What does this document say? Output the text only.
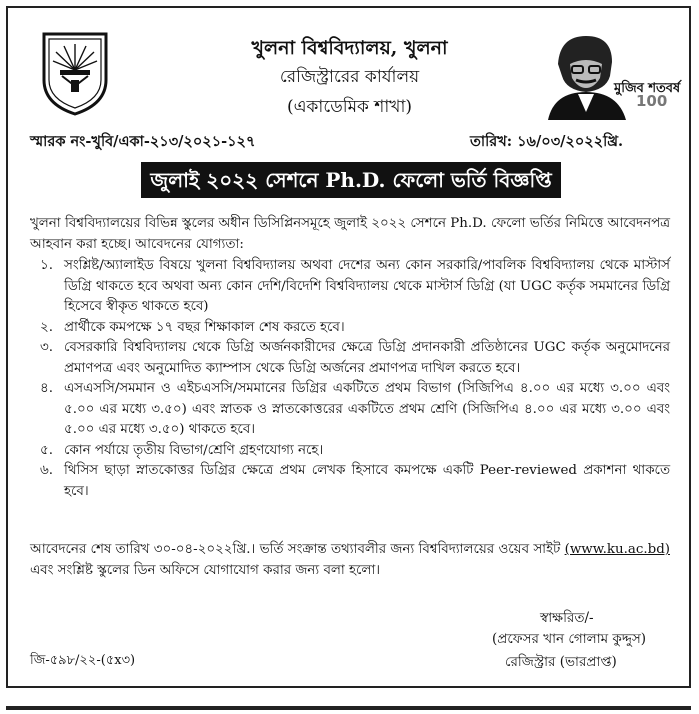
মুজিব শতবর্ষ
100
খুলনা বিশ্ববিদ্যালয়, খুলনা
রেজিস্ট্রারের কার্যালয়
(একাডেমিক শাখা)
স্মারক নং-খুবি/একা-২১৩/২০২১-১২৭	তারিখ: ১৬/০৩/২০২২খ্রি.
জুলাই ২০২২ সেশনে Ph.D. ফেলো ভর্তি বিজ্ঞপ্তি
খুলনা বিশ্ববিদ্যালয়ের বিভিন্ন স্কুলের অধীন ডিসিপ্লিনসমূহে জুলাই ২০২২ সেশনে Ph.D. ফেলো ভর্তির নিমিত্তে আবেদনপত্র আহবান করা হচ্ছে। আবেদনের যোগ্যতা:
১. সংশ্লিষ্ট/অ্যালাইড বিষয়ে খুলনা বিশ্ববিদ্যালয় অথবা দেশের অন্য কোন সরকারি/পাবলিক বিশ্ববিদ্যালয় থেকে মাস্টার্স ডিগ্রি থাকতে হবে অথবা অন্য কোন দেশি/বিদেশি বিশ্ববিদ্যালয় থেকে মাস্টার্স ডিগ্রি (যা UGC কর্তৃক সমমানের ডিগ্রি হিসেবে স্বীকৃত থাকতে হবে)
২. প্রার্থীকে কমপক্ষে ১৭ বছর শিক্ষাকাল শেষ করতে হবে।
৩. বেসরকারি বিশ্ববিদ্যালয় থেকে ডিগ্রি অর্জনকারীদের ক্ষেত্রে ডিগ্রি প্রদানকারী প্রতিষ্ঠানের UGC কর্তৃক অনুমোদনের প্রমাণপত্র এবং অনুমোদিত ক্যাম্পাস থেকে ডিগ্রি অর্জনের প্রমাণপত্র দাখিল করতে হবে।
৪. এসএসসি/সমমান ও এইচএসসি/সমমানের ডিগ্রির একটিতে প্রথম বিভাগ (সিজিপিএ ৪.০০ এর মধ্যে ৩.০০ এবং ৫.০০ এর মধ্যে ৩.৫০) এবং স্নাতক ও স্নাতকোত্তরের একটিতে প্রথম শ্রেণি (সিজিপিএ ৪.০০ এর মধ্যে ৩.০০ এবং ৫.০০ এর মধ্যে ৩.৫০) থাকতে হবে।
৫. কোন পর্যায়ে তৃতীয় বিভাগ/শ্রেণি গ্রহণযোগ্য নহে।
৬. থিসিস ছাড়া স্নাতকোত্তর ডিগ্রির ক্ষেত্রে প্রথম লেখক হিসাবে কমপক্ষে একটি Peer-reviewed প্রকাশনা থাকতে হবে।
আবেদনের শেষ তারিখ ৩০-০৪-২০২২খ্রি.। ভর্তি সংক্রান্ত তথ্যাবলীর জন্য বিশ্ববিদ্যালয়ের ওয়েব সাইট (www.ku.ac.bd) এবং সংশ্লিষ্ট স্কুলের ডিন অফিসে যোগাযোগ করার জন্য বলা হলো।
স্বাক্ষরিত/-
(প্রফেসর খান গোলাম কুদ্দুস)
রেজিস্ট্রার (ভারপ্রাপ্ত)
জি-৫৯৮/২২-(৫x৩)
